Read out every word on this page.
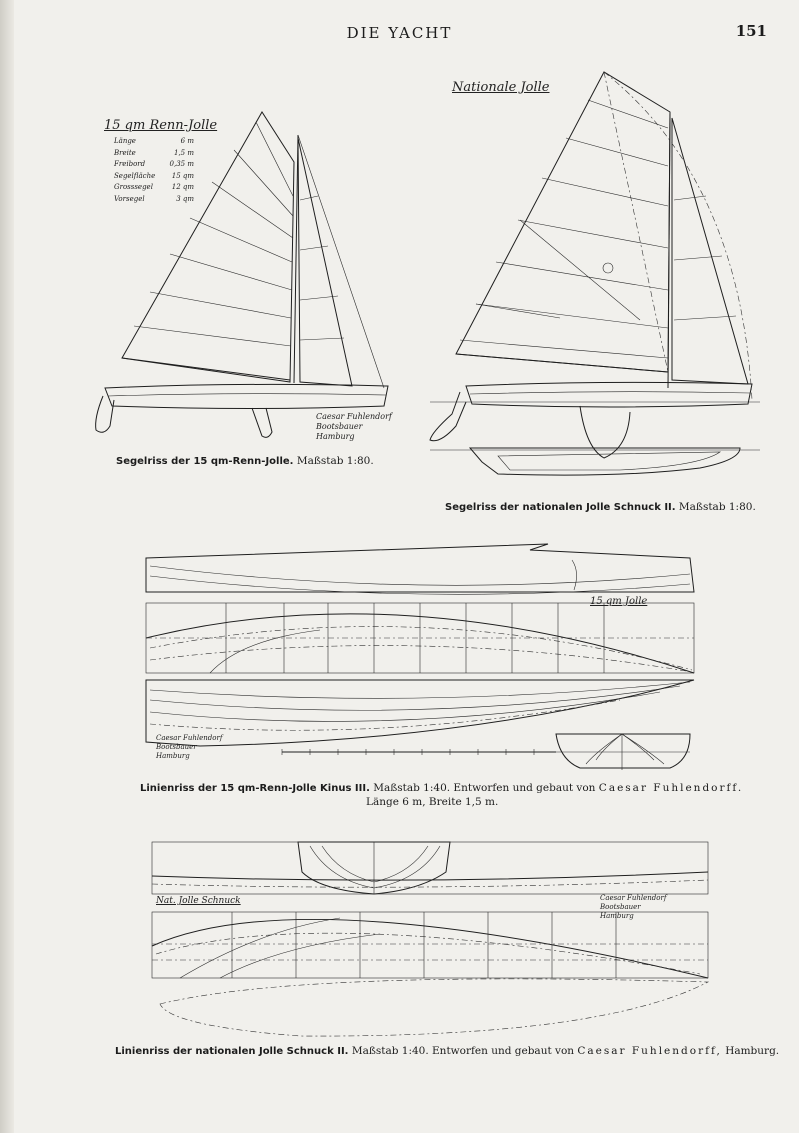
DIE YACHT	151
15 qm Renn-Jolle
Länge	6 m
Breite	1,5 m
Freibord	0,35 m
Segelfläche 15 qm
Grosssegel	12 qm
Vorsegel	3 qm
Caesar Fuhlendorf
Bootsbauer
Hamburg
Segelriss der 15 qm-Renn-Jolle. Maßstab 1:80.
Nationale Jolle
Segelriss der nationalen Jolle Schnuck II. Maßstab 1:80.
15 qm Jolle
Caesar Fuhlendorf
Bootsbauer
Hamburg
Linienriss der 15 qm-Renn-Jolle Kinus III. Maßstab 1:40. Entworfen und gebaut von Caesar Fuhlendorff.
Länge 6 m, Breite 1,5 m.
Nat. Jolle Schnuck	Caesar Fuhlendorf
Bootsbauer
Hamburg
Linienriss der nationalen Jolle Schnuck II. Maßstab 1:40. Entworfen und gebaut von Caesar Fuhlendorff, Hamburg.
